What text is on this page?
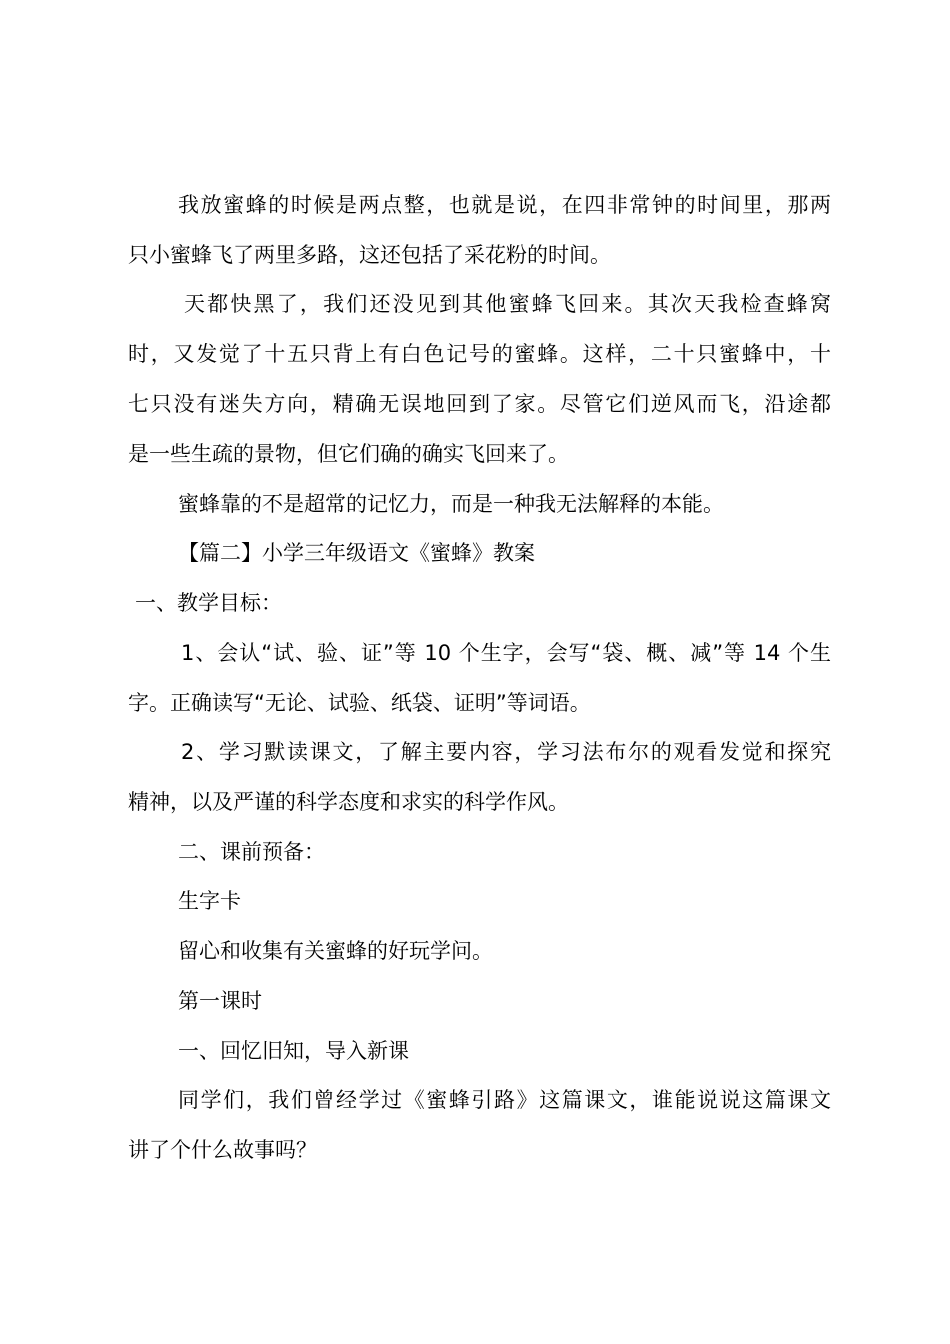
我放蜜蜂的时候是两点整，也就是说，在四非常钟的时间里，那两
只小蜜蜂飞了两里多路，这还包括了采花粉的时间。
天都快黑了，我们还没见到其他蜜蜂飞回来。其次天我检查蜂窝
时，又发觉了十五只背上有白色记号的蜜蜂。这样，二十只蜜蜂中，十
七只没有迷失方向，精确无误地回到了家。尽管它们逆风而飞，沿途都
是一些生疏的景物，但它们确的确实飞回来了。
蜜蜂靠的不是超常的记忆力，而是一种我无法解释的本能。
【篇二】小学三年级语文《蜜蜂》教案
一、教学目标：
1、会认“试、验、证”等 10 个生字，会写“袋、概、减”等 14 个生
字。正确读写“无论、试验、纸袋、证明”等词语。
2、学习默读课文，了解主要内容，学习法布尔的观看发觉和探究
精神，以及严谨的科学态度和求实的科学作风。
二、课前预备：
生字卡
留心和收集有关蜜蜂的好玩学问。
第一课时
一、回忆旧知，导入新课
同学们，我们曾经学过《蜜蜂引路》这篇课文，谁能说说这篇课文
讲了个什么故事吗？
